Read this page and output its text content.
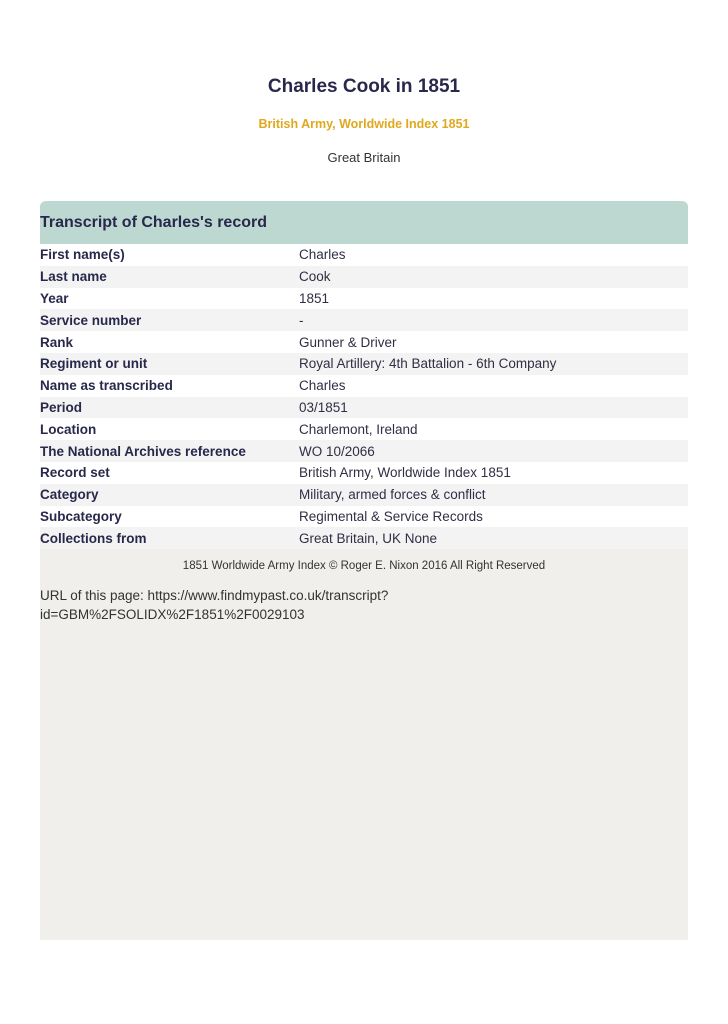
Charles Cook in 1851
British Army, Worldwide Index 1851
Great Britain
Transcript of Charles's record
First name(s)	Charles
Last name	Cook
Year	1851
Service number	-
Rank	Gunner & Driver
Regiment or unit	Royal Artillery: 4th Battalion - 6th Company
Name as transcribed	Charles
Period	03/1851
Location	Charlemont, Ireland
The National Archives reference	WO 10/2066
Record set	British Army, Worldwide Index 1851
Category	Military, armed forces & conflict
Subcategory	Regimental & Service Records
Collections from	Great Britain, UK None
1851 Worldwide Army Index © Roger E. Nixon 2016 All Right Reserved
URL of this page: https://www.findmypast.co.uk/transcript?id=GBM%2FSOLIDX%2F1851%2F0029103
